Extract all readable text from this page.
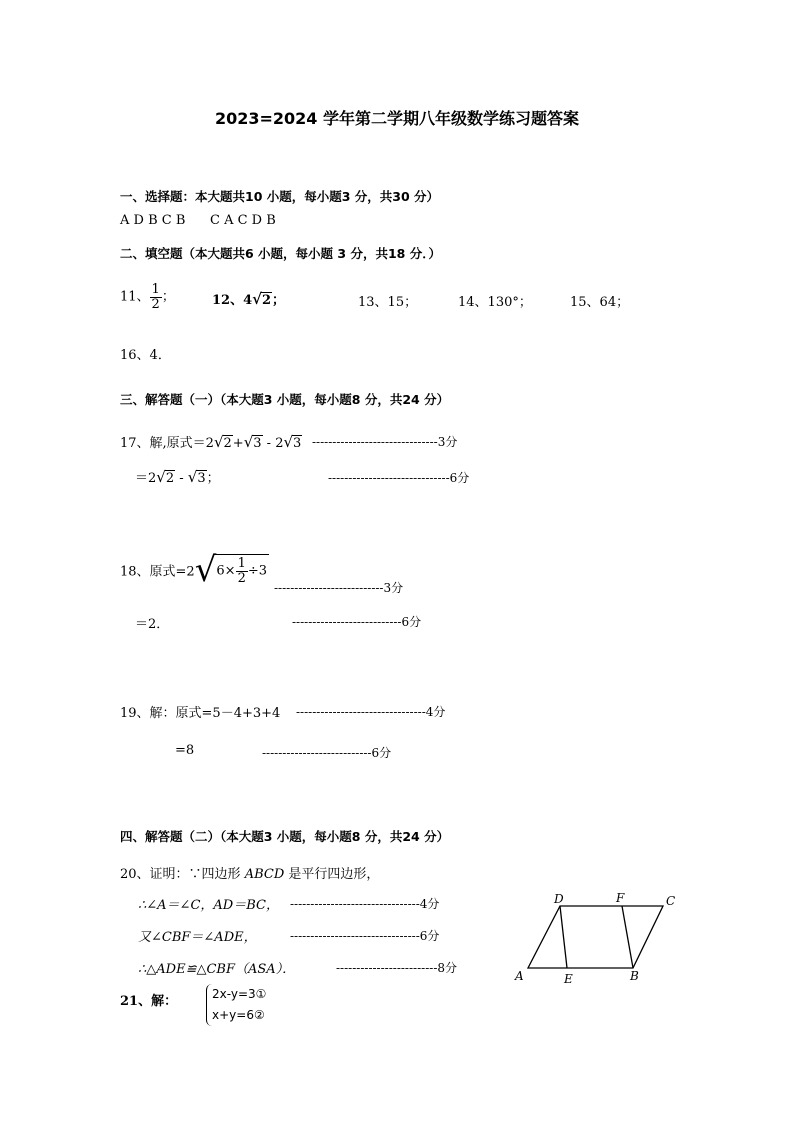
2023=2024 学年第二学期八年级数学练习题答案
一、选择题：本大题共10 小题，每小题3 分，共30 分）
A D B C B C A C D B
二、填空题（本大题共6 小题，每小题 3 分，共18 分．）
11、 $\frac{1}{2}$ ；	12、4√2；	13、15；	14、130°；	15、64；
16、4．
三、解答题（一）（本大题3 小题，每小题8 分，共24 分）
17、解,原式＝2√2+√3 - 2√3 -------------------------------3分
＝2√2 - √3；	------------------------------6分
18、原式$=2√6\times \frac{1}{2} \div 3$
---------------------------3分
＝2．	---------------------------6分
19、解：原式=5－4+3+4 --------------------------------4分
=8	---------------------------6分
四、解答题（二）（本大题3 小题，每小题8 分，共24 分）
20、证明：∵四边形 ABCD 是平行四边形，
∴∠A＝∠C，AD＝BC， --------------------------------4分
又∠CBF＝∠ADE，	--------------------------------6分
∴△ADE≌△CBF（ASA）．	-------------------------8分
21、解：	2x-y=3①
x+y=6②
D	F	C
A	E	B
